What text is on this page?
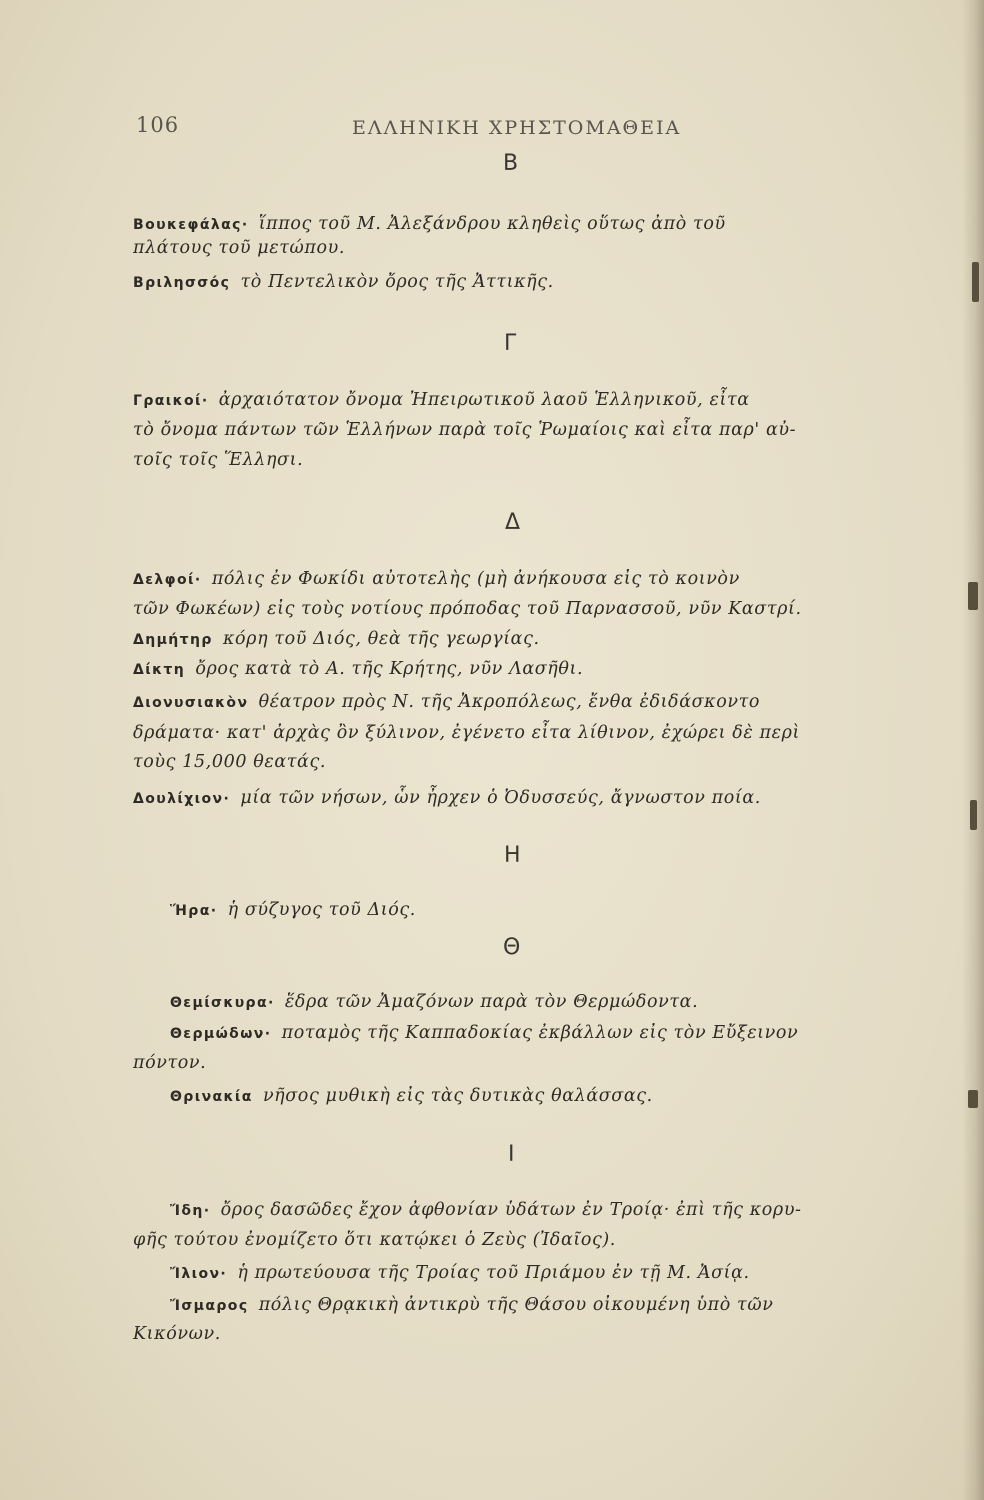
106	ΕΛΛΗΝΙΚΗ ΧΡΗΣΤΟΜΑΘΕΙΑ
Β
Βουκεφάλας· ἵππος τοῦ Μ. Ἀλεξάνδρου κληθεὶς οὕτως ἀπὸ τοῦ
πλάτους τοῦ μετώπου.
Βριλησσός τὸ Πεντελικὸν ὄρος τῆς Ἀττικῆς.
Γ
Γραικοί· ἀρχαιότατον ὄνομα Ἠπειρωτικοῦ λαοῦ Ἑλληνικοῦ, εἶτα
τὸ ὄνομα πάντων τῶν Ἑλλήνων παρὰ τοῖς Ῥωμαίοις καὶ εἶτα παρ' αὐ-
τοῖς τοῖς Ἕλλησι.
Δ
Δελφοί· πόλις ἐν Φωκίδι αὐτοτελὴς (μὴ ἀνήκουσα εἰς τὸ κοινὸν
τῶν Φωκέων) εἰς τοὺς νοτίους πρόποδας τοῦ Παρνασσοῦ, νῦν Καστρί.
Δημήτηρ κόρη τοῦ Διός, θεὰ τῆς γεωργίας.
Δίκτη ὄρος κατὰ τὸ Α. τῆς Κρήτης, νῦν Λασῆθι.
Διονυσιακὸν θέατρον πρὸς Ν. τῆς Ἀκροπόλεως, ἔνθα ἐδιδάσκοντο
δράματα· κατ' ἀρχὰς ὂν ξύλινον, ἐγένετο εἶτα λίθινον, ἐχώρει δὲ περὶ
τοὺς 15,000 θεατάς.
Δουλίχιον· μία τῶν νήσων, ὧν ἦρχεν ὁ Ὀδυσσεύς, ἄγνωστον ποία.
Η
Ἥρα· ἡ σύζυγος τοῦ Διός.
Θ
Θεμίσκυρα· ἕδρα τῶν Ἀμαζόνων παρὰ τὸν Θερμώδοντα.
Θερμώδων· ποταμὸς τῆς Καππαδοκίας ἐκβάλλων εἰς τὸν Εὔξεινον
πόντον.
Θρινακία νῆσος μυθικὴ εἰς τὰς δυτικὰς θαλάσσας.
Ι
Ἴδη· ὄρος δασῶδες ἔχον ἀφθονίαν ὑδάτων ἐν Τροίᾳ· ἐπὶ τῆς κορυ-
φῆς τούτου ἐνομίζετο ὅτι κατῴκει ὁ Ζεὺς (Ἰδαῖος).
Ἴλιον· ἡ πρωτεύουσα τῆς Τροίας τοῦ Πριάμου ἐν τῇ Μ. Ἀσίᾳ.
Ἴσμαρος πόλις Θρᾳκικὴ ἀντικρὺ τῆς Θάσου οἰκουμένη ὑπὸ τῶν
Κικόνων.
